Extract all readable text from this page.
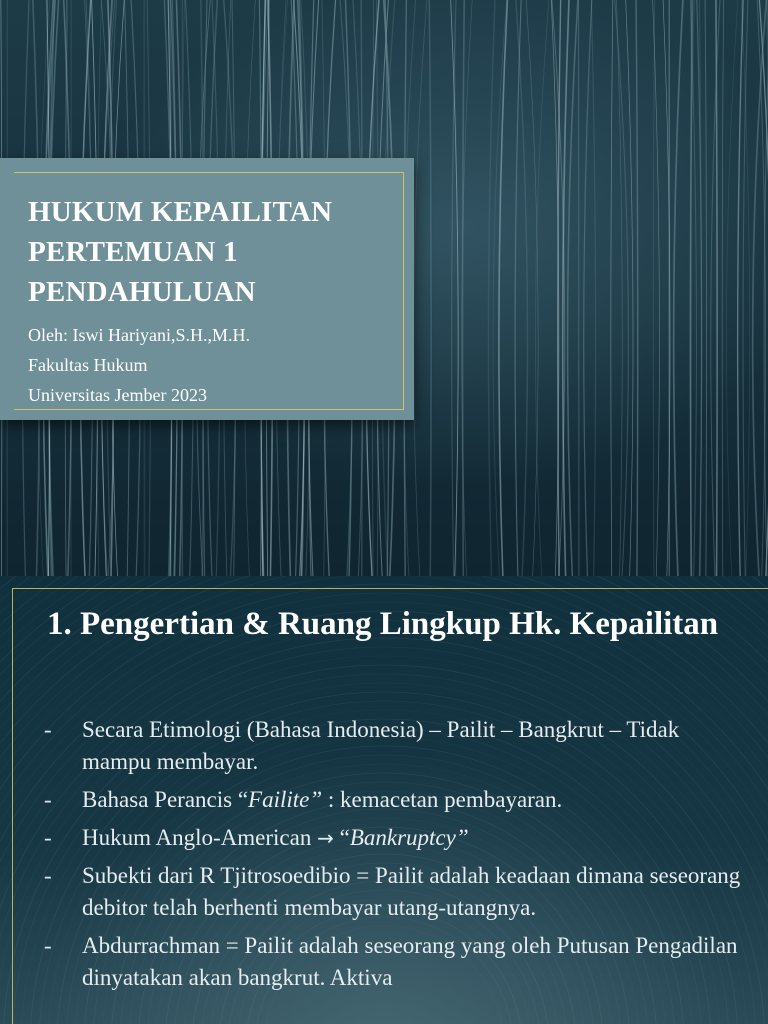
HUKUM KEPAILITAN
PERTEMUAN 1
PENDAHULUAN
Oleh: Iswi Hariyani,S.H.,M.H.
Fakultas Hukum
Universitas Jember 2023
1. Pengertian & Ruang Lingkup Hk. Kepailitan
- Secara Etimologi (Bahasa Indonesia) – Pailit – Bangkrut – Tidak mampu membayar.
- Bahasa Perancis “Failite” : kemacetan pembayaran.
- Hukum Anglo-American → “Bankruptcy”
- Subekti dari R Tjitrosoedibio = Pailit adalah keadaan dimana seseorang debitor telah berhenti membayar utang-utangnya.
- Abdurrachman = Pailit adalah seseorang yang oleh Putusan Pengadilan dinyatakan akan bangkrut. Aktiva
